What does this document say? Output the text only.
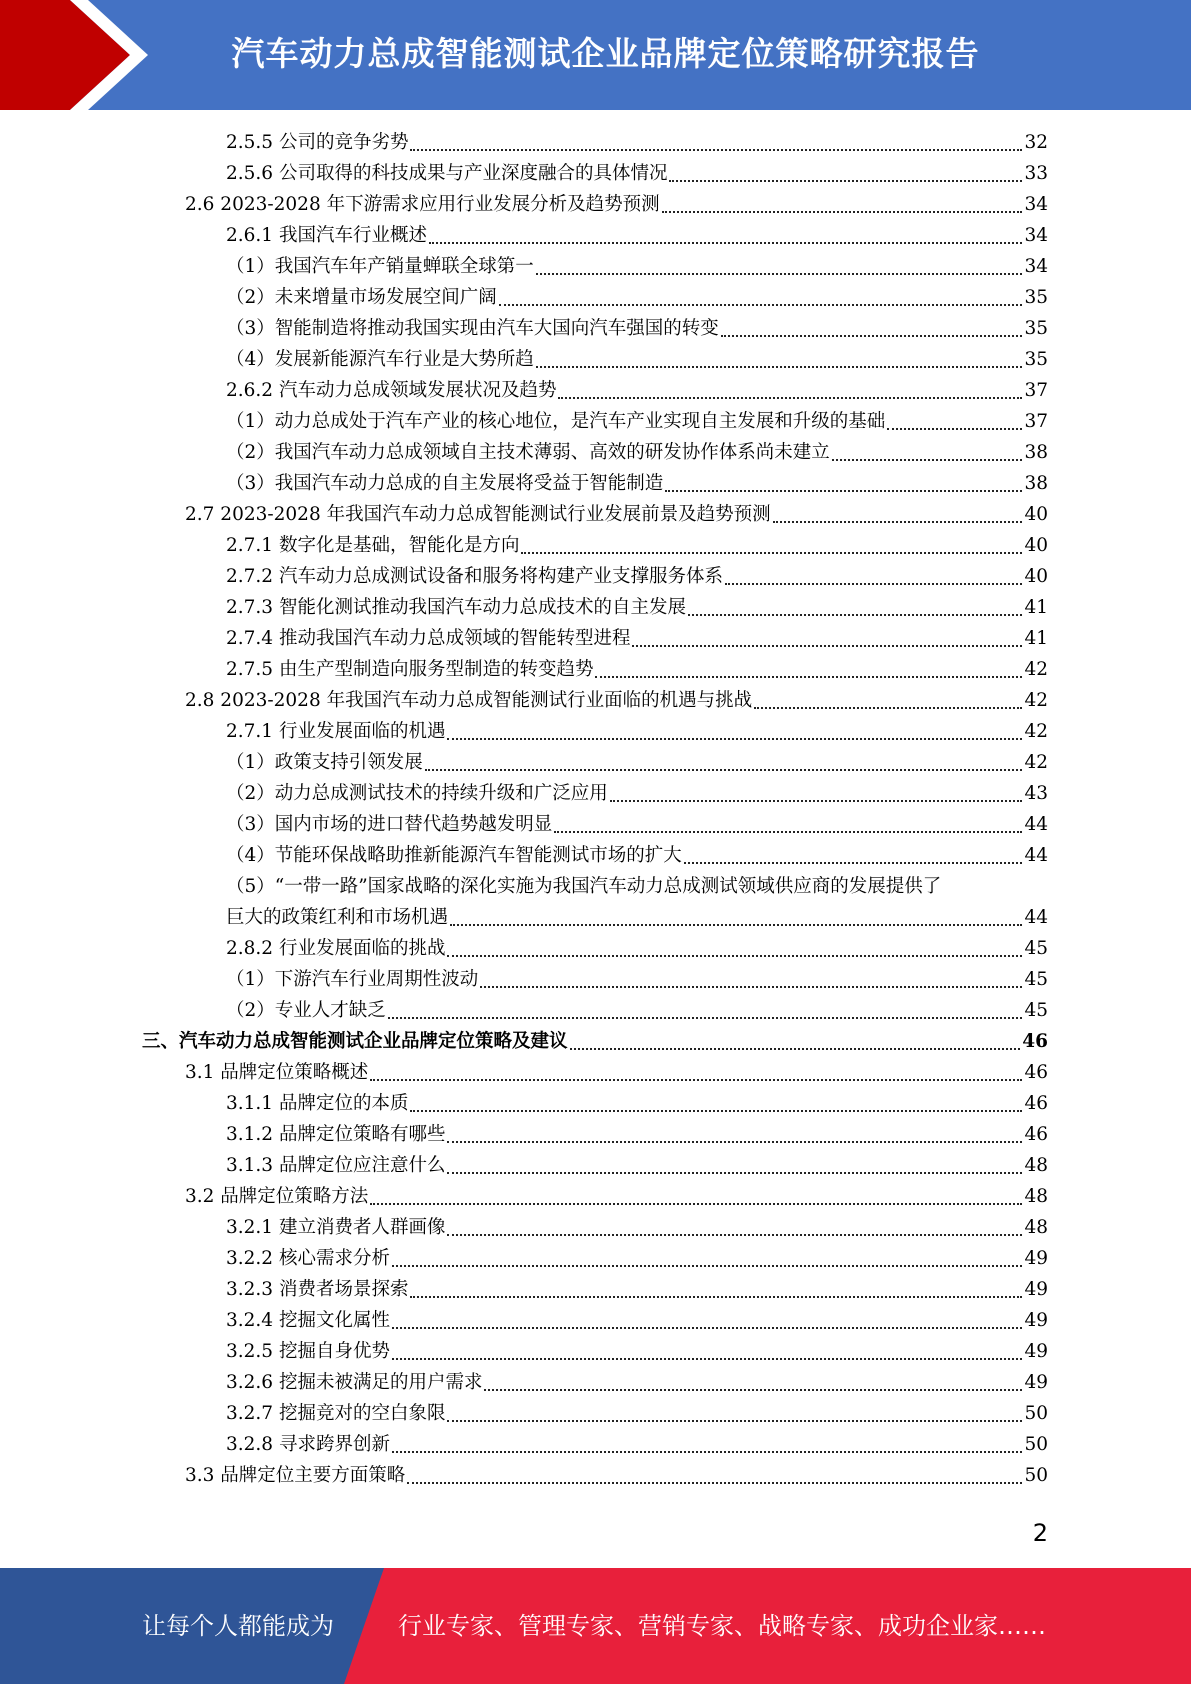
汽车动力总成智能测试企业品牌定位策略研究报告
2.5.5 公司的竞争劣势	32
2.5.6 公司取得的科技成果与产业深度融合的具体情况	33
2.6 2023-2028 年下游需求应用行业发展分析及趋势预测	34
2.6.1 我国汽车行业概述	34
（1）我国汽车年产销量蝉联全球第一	34
（2）未来增量市场发展空间广阔	35
（3）智能制造将推动我国实现由汽车大国向汽车强国的转变	35
（4）发展新能源汽车行业是大势所趋	35
2.6.2 汽车动力总成领域发展状况及趋势	37
（1）动力总成处于汽车产业的核心地位，是汽车产业实现自主发展和升级的基础	37
（2）我国汽车动力总成领域自主技术薄弱、高效的研发协作体系尚未建立	38
（3）我国汽车动力总成的自主发展将受益于智能制造	38
2.7 2023-2028 年我国汽车动力总成智能测试行业发展前景及趋势预测	40
2.7.1 数字化是基础，智能化是方向	40
2.7.2 汽车动力总成测试设备和服务将构建产业支撑服务体系	40
2.7.3 智能化测试推动我国汽车动力总成技术的自主发展	41
2.7.4 推动我国汽车动力总成领域的智能转型进程	41
2.7.5 由生产型制造向服务型制造的转变趋势	42
2.8 2023-2028 年我国汽车动力总成智能测试行业面临的机遇与挑战	42
2.7.1 行业发展面临的机遇	42
（1）政策支持引领发展	42
（2）动力总成测试技术的持续升级和广泛应用	43
（3）国内市场的进口替代趋势越发明显	44
（4）节能环保战略助推新能源汽车智能测试市场的扩大	44
（5）“一带一路”国家战略的深化实施为我国汽车动力总成测试领域供应商的发展提供了
巨大的政策红利和市场机遇	44
2.8.2 行业发展面临的挑战	45
（1）下游汽车行业周期性波动	45
（2）专业人才缺乏	45
三、汽车动力总成智能测试企业品牌定位策略及建议	46
3.1 品牌定位策略概述	46
3.1.1 品牌定位的本质	46
3.1.2 品牌定位策略有哪些	46
3.1.3 品牌定位应注意什么	48
3.2 品牌定位策略方法	48
3.2.1 建立消费者人群画像	48
3.2.2 核心需求分析	49
3.2.3 消费者场景探索	49
3.2.4 挖掘文化属性	49
3.2.5 挖掘自身优势	49
3.2.6 挖掘未被满足的用户需求	49
3.2.7 挖掘竞对的空白象限	50
3.2.8 寻求跨界创新	50
3.3 品牌定位主要方面策略	50
2
让每个人都能成为	行业专家、管理专家、营销专家、战略专家、成功企业家……
